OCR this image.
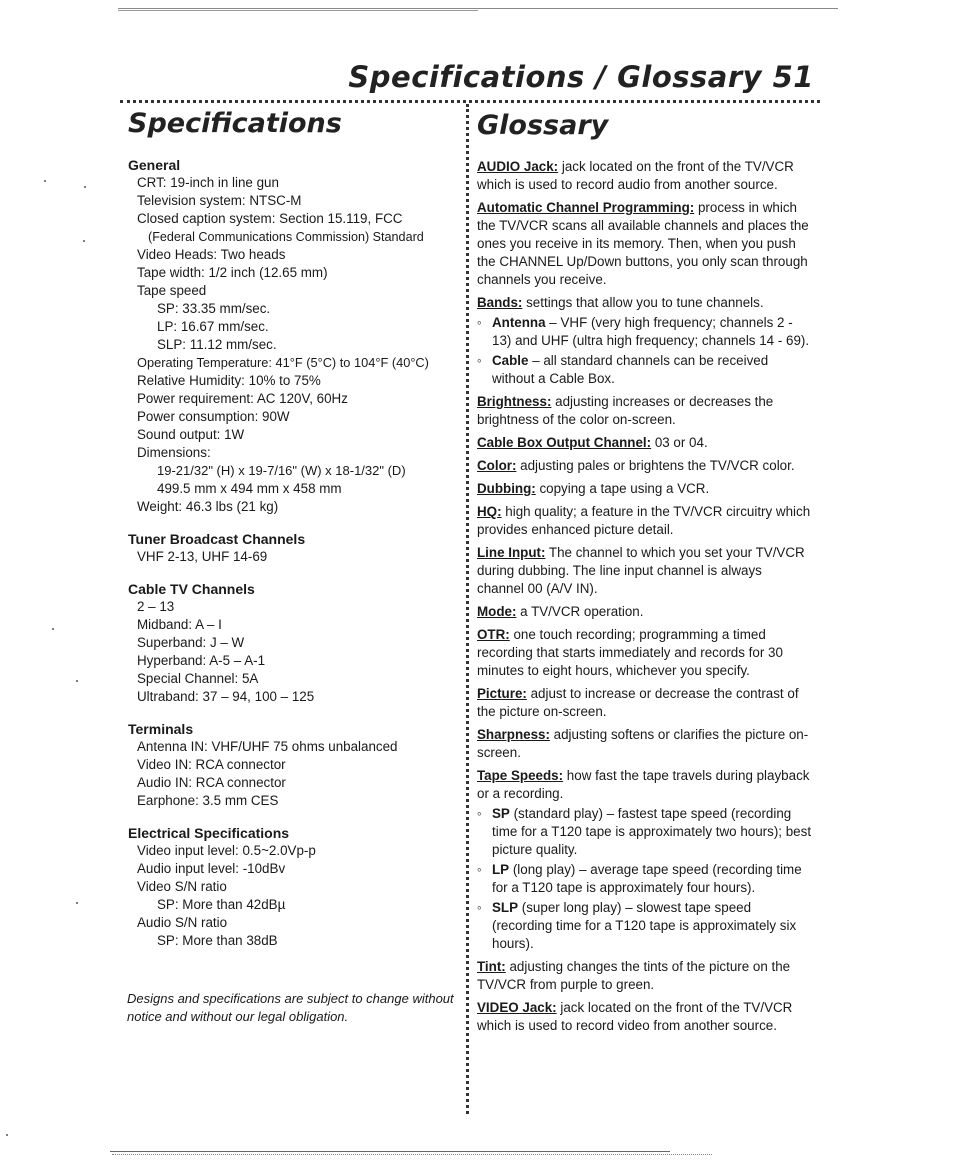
Specifications / Glossary 51
Specifications

General

CRT: 19-inch in line gun

Television system: NTSC-M

Closed caption system: Section 15.119, FCC

(Federal Communications Commission) Standard

Video Heads: Two heads

Tape width: 1/2 inch (12.65 mm)

Tape speed

SP: 33.35 mm/sec.

LP: 16.67 mm/sec.

SLP: 11.12 mm/sec.

Operating Temperature: 41°F (5°C) to 104°F (40°C)

Relative Humidity: 10% to 75%

Power requirement: AC 120V, 60Hz

Power consumption: 90W

Sound output: 1W

Dimensions:

19-21/32" (H) x 19-7/16" (W) x 18-1/32" (D)

499.5 mm x 494 mm x 458 mm

Weight: 46.3 lbs (21 kg)

Tuner Broadcast Channels

VHF 2-13, UHF 14-69

Cable TV Channels

2 – 13

Midband: A – I

Superband: J – W

Hyperband: A-5 – A-1

Special Channel: 5A

Ultraband: 37 – 94, 100 – 125

Terminals

Antenna IN: VHF/UHF 75 ohms unbalanced

Video IN: RCA connector

Audio IN: RCA connector

Earphone: 3.5 mm CES

Electrical Specifications

Video input level: 0.5~2.0Vp-p

Audio input level: -10dBv

Video S/N ratio

SP: More than 42dBµ

Audio S/N ratio

SP: More than 38dB

Designs and specifications are subject to change without notice and without our legal obligation.
Glossary

AUDIO Jack: jack located on the front of the TV/VCR which is used to record audio from another source.

Automatic Channel Programming: process in which the TV/VCR scans all available channels and places the ones you receive in its memory. Then, when you push the CHANNEL Up/Down buttons, you only scan through channels you receive.

Bands: settings that allow you to tune channels.

◦ Antenna – VHF (very high frequency; channels 2 - 13) and UHF (ultra high frequency; channels 14 - 69).

◦ Cable – all standard channels can be received without a Cable Box.

Brightness: adjusting increases or decreases the brightness of the color on-screen.

Cable Box Output Channel: 03 or 04.

Color: adjusting pales or brightens the TV/VCR color.

Dubbing: copying a tape using a VCR.

HQ: high quality; a feature in the TV/VCR circuitry which provides enhanced picture detail.

Line Input: The channel to which you set your TV/VCR during dubbing. The line input channel is always channel 00 (A/V IN).

Mode: a TV/VCR operation.

OTR: one touch recording; programming a timed recording that starts immediately and records for 30 minutes to eight hours, whichever you specify.

Picture: adjust to increase or decrease the contrast of the picture on-screen.

Sharpness: adjusting softens or clarifies the picture on-screen.

Tape Speeds: how fast the tape travels during playback or a recording.

◦ SP (standard play) – fastest tape speed (recording time for a T120 tape is approximately two hours); best picture quality.

◦ LP (long play) – average tape speed (recording time for a T120 tape is approximately four hours).

◦ SLP (super long play) – slowest tape speed (recording time for a T120 tape is approximately six hours).

Tint: adjusting changes the tints of the picture on the TV/VCR from purple to green.

VIDEO Jack: jack located on the front of the TV/VCR which is used to record video from another source.
